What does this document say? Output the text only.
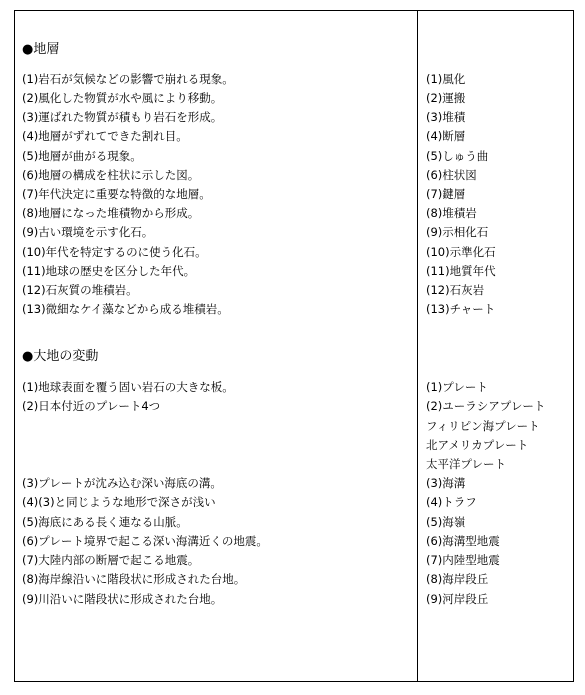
●地層
(1)岩石が気候などの影響で崩れる現象。
(2)風化した物質が水や風により移動。
(3)運ばれた物質が積もり岩石を形成。
(4)地層がずれてできた割れ目。
(5)地層が曲がる現象。
(6)地層の構成を柱状に示した図。
(7)年代決定に重要な特徴的な地層。
(8)地層になった堆積物から形成。
(9)古い環境を示す化石。
(10)年代を特定するのに使う化石。
(11)地球の歴史を区分した年代。
(12)石灰質の堆積岩。
(13)微細なケイ藻などから成る堆積岩。
(1)風化
(2)運搬
(3)堆積
(4)断層
(5)しゅう曲
(6)柱状図
(7)鍵層
(8)堆積岩
(9)示相化石
(10)示準化石
(11)地質年代
(12)石灰岩
(13)チャート
●大地の変動
(1)地球表面を覆う固い岩石の大きな板。
(2)日本付近のプレート4つ
(1)プレート
(2)ユーラシアプレート
フィリピン海プレート
北アメリカプレート
太平洋プレート
(3)プレートが沈み込む深い海底の溝。
(4)(3)と同じような地形で深さが浅い
(5)海底にある長く連なる山脈。
(6)プレート境界で起こる深い海溝近くの地震。
(7)大陸内部の断層で起こる地震。
(8)海岸線沿いに階段状に形成された台地。
(9)川沿いに階段状に形成された台地。
(3)海溝
(4)トラフ
(5)海嶺
(6)海溝型地震
(7)内陸型地震
(8)海岸段丘
(9)河岸段丘
